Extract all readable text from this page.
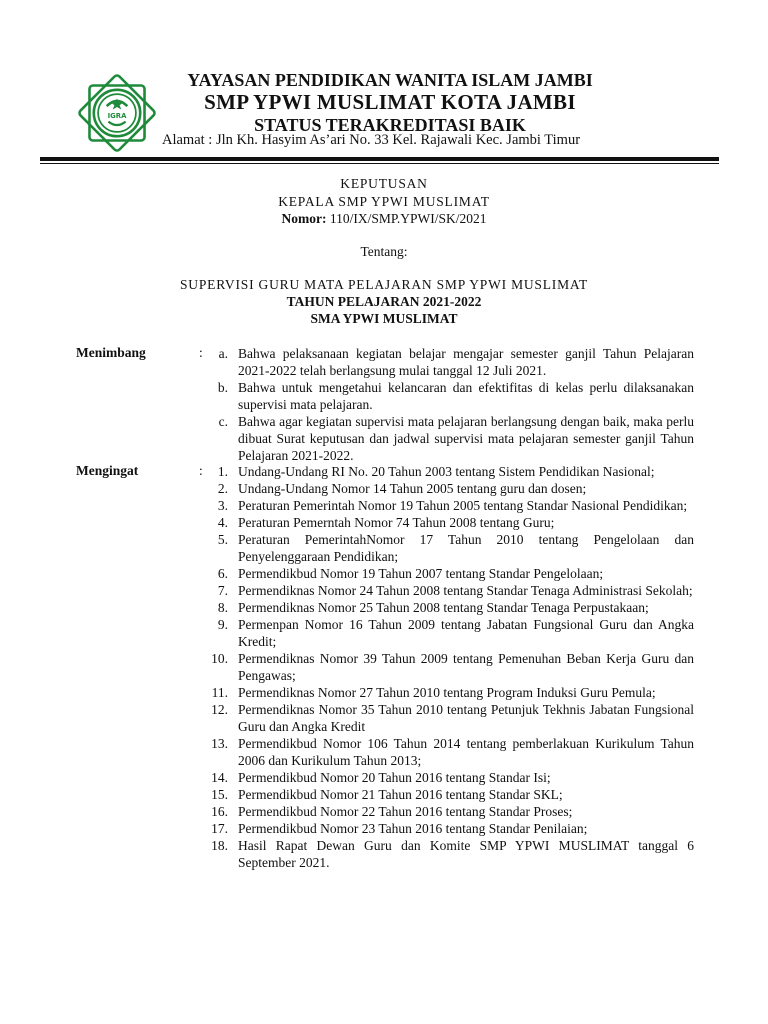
IGRA
YAYASAN PENDIDIKAN WANITA ISLAM JAMBI
SMP YPWI MUSLIMAT KOTA JAMBI
STATUS TERAKREDITASI BAIK
Alamat : Jln Kh. Hasyim As’ari No. 33 Kel. Rajawali Kec. Jambi Timur
KEPUTUSAN
KEPALA SMP YPWI MUSLIMAT
Nomor: 110/IX/SMP.YPWI/SK/2021
Tentang:
SUPERVISI GURU MATA PELAJARAN SMP YPWI MUSLIMAT
TAHUN PELAJARAN 2021-2022
SMA YPWI MUSLIMAT
Menimbang	:	a. Bahwa pelaksanaan kegiatan belajar mengajar semester ganjil Tahun Pelajaran 2021-2022 telah berlangsung mulai tanggal 12 Juli 2021.
b. Bahwa untuk mengetahui kelancaran dan efektifitas di kelas perlu dilaksanakan supervisi mata pelajaran.
c. Bahwa agar kegiatan supervisi mata pelajaran berlangsung dengan baik, maka perlu dibuat Surat keputusan dan jadwal supervisi mata pelajaran semester ganjil Tahun Pelajaran 2021-2022.
Mengingat	:	1. Undang-Undang RI No. 20 Tahun 2003 tentang Sistem Pendidikan Nasional;
2. Undang-Undang Nomor 14 Tahun 2005 tentang guru dan dosen;
3. Peraturan Pemerintah Nomor 19 Tahun 2005 tentang Standar Nasional Pendidikan;
4. Peraturan Pemerntah Nomor 74 Tahun 2008 tentang Guru;
5. Peraturan PemerintahNomor 17 Tahun 2010 tentang Pengelolaan dan Penyelenggaraan Pendidikan;
6. Permendikbud Nomor 19 Tahun 2007 tentang Standar Pengelolaan;
7. Permendiknas Nomor 24 Tahun 2008 tentang Standar Tenaga Administrasi Sekolah;
8. Permendiknas Nomor 25 Tahun 2008 tentang Standar Tenaga Perpustakaan;
9. Permenpan Nomor 16 Tahun 2009 tentang Jabatan Fungsional Guru dan Angka Kredit;
10. Permendiknas Nomor 39 Tahun 2009 tentang Pemenuhan Beban Kerja Guru dan Pengawas;
11. Permendiknas Nomor 27 Tahun 2010 tentang Program Induksi Guru Pemula;
12. Permendiknas Nomor 35 Tahun 2010 tentang Petunjuk Tekhnis Jabatan Fungsional Guru dan Angka Kredit
13. Permendikbud Nomor 106 Tahun 2014 tentang pemberlakuan Kurikulum Tahun 2006 dan Kurikulum Tahun 2013;
14. Permendikbud Nomor 20 Tahun 2016 tentang Standar Isi;
15. Permendikbud Nomor 21 Tahun 2016 tentang Standar SKL;
16. Permendikbud Nomor 22 Tahun 2016 tentang Standar Proses;
17. Permendikbud Nomor 23 Tahun 2016 tentang Standar Penilaian;
18. Hasil Rapat Dewan Guru dan Komite SMP YPWI MUSLIMAT tanggal 6 September 2021.
